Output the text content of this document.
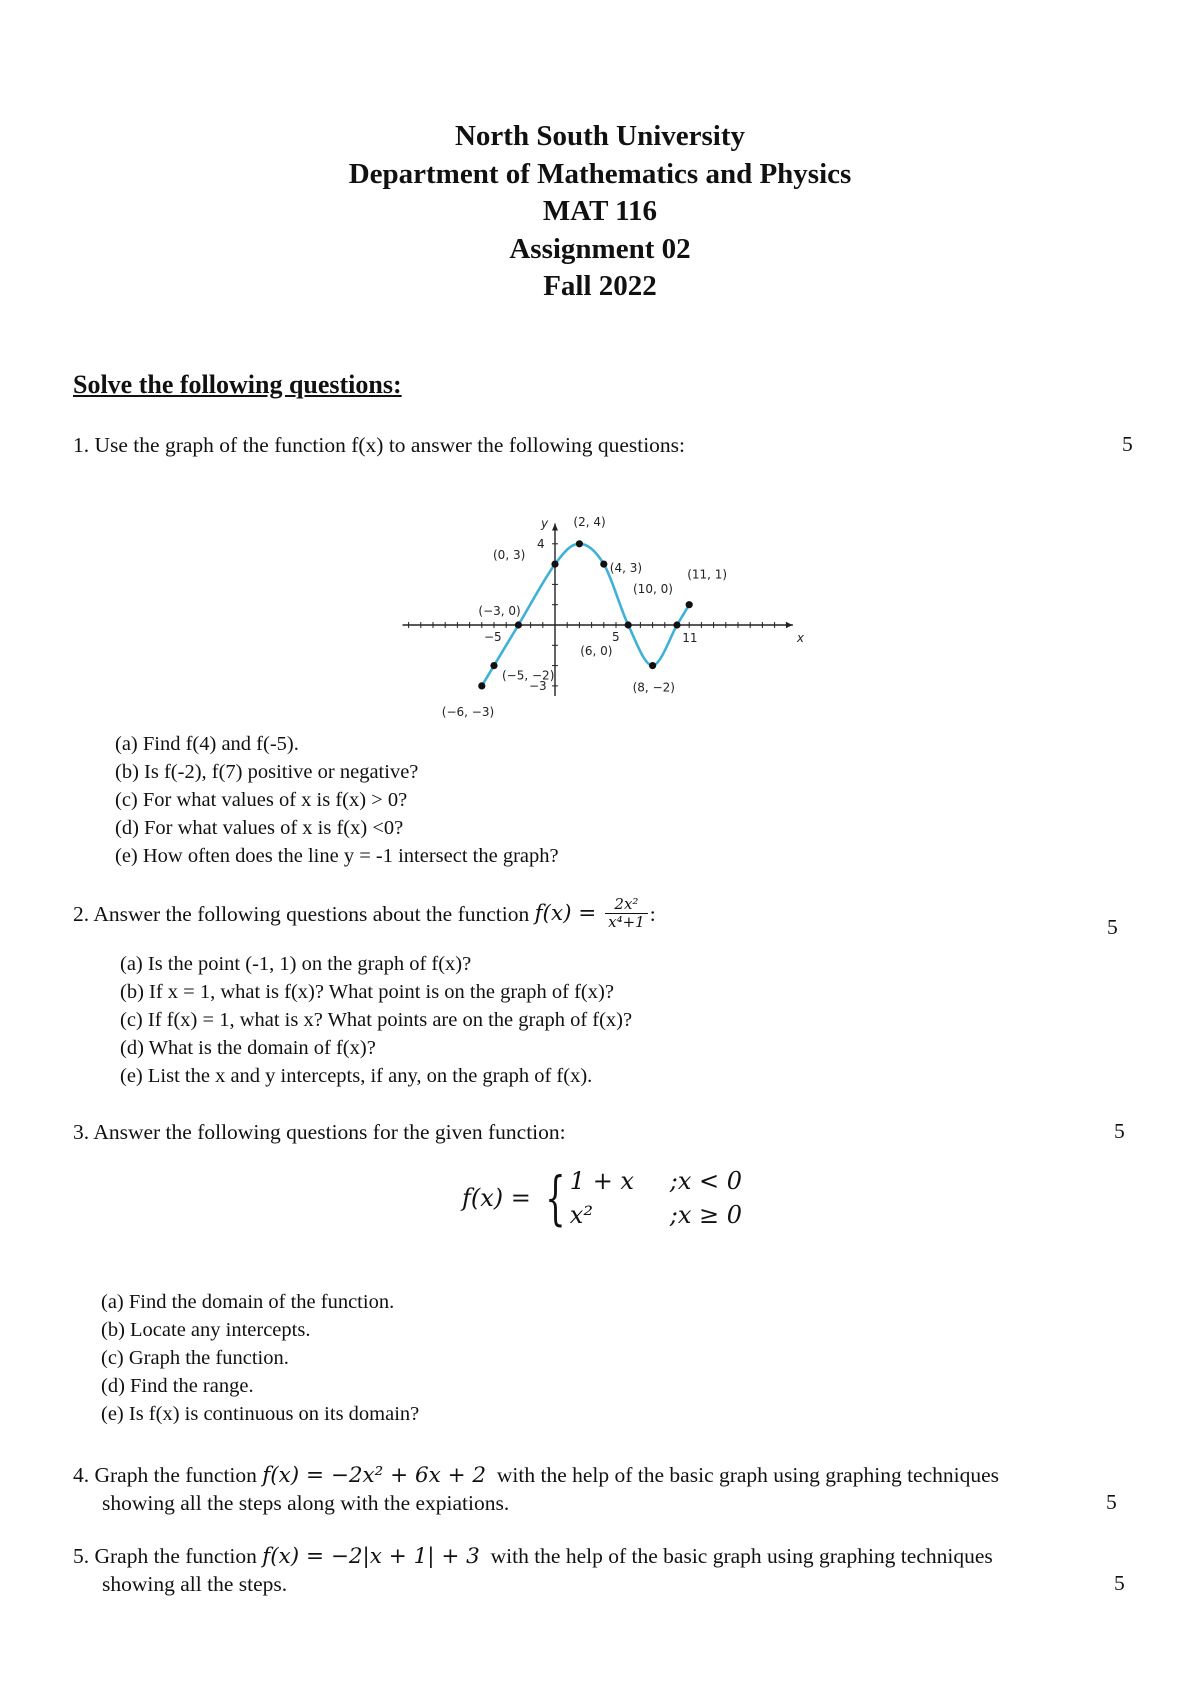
North South University
Department of Mathematics and Physics
MAT 116
Assignment 02
Fall 2022
Solve the following questions:
1. Use the graph of the function f(x) to answer the following questions:	5
(−6, −3)
(−5, −2)
(−3, 0)
(0, 3)
(2, 4)
(4, 3)
(6, 0)
(8, −2)
(10, 0)
(11, 1)
y
x
4
−3
−5	5	11
(a) Find f(4) and f(-5).
(b) Is f(-2), f(7) positive or negative?
(c) For what values of x is f(x) > 0?
(d) For what values of x is f(x) <0?
(e) How often does the line y = -1 intersect the graph?
2. Answer the following questions about the function $f(x) = \frac{\text{2x²}}{\text{x⁴+1}}$ :
5
(a) Is the point (-1, 1) on the graph of f(x)?
(b) If x = 1, what is f(x)? What point is on the graph of f(x)?
(c) If f(x) = 1, what is x? What points are on the graph of f(x)?
(d) What is the domain of f(x)?
(e) List the x and y intercepts, if any, on the graph of f(x).
3. Answer the following questions for the given function:	5
f(x) = { 1 + x	;x < 0
x²	;x ≥ 0
(a) Find the domain of the function.
(b) Locate any intercepts.
(c) Graph the function.
(d) Find the range.
(e) Is f(x) is continuous on its domain?
4. Graph the function f(x) = −2x² + 6x + 2  with the help of the basic graph using graphing techniques
showing all the steps along with the expiations.	5
5. Graph the function f(x) = −2|x + 1| + 3  with the help of the basic graph using graphing techniques
showing all the steps.	5
